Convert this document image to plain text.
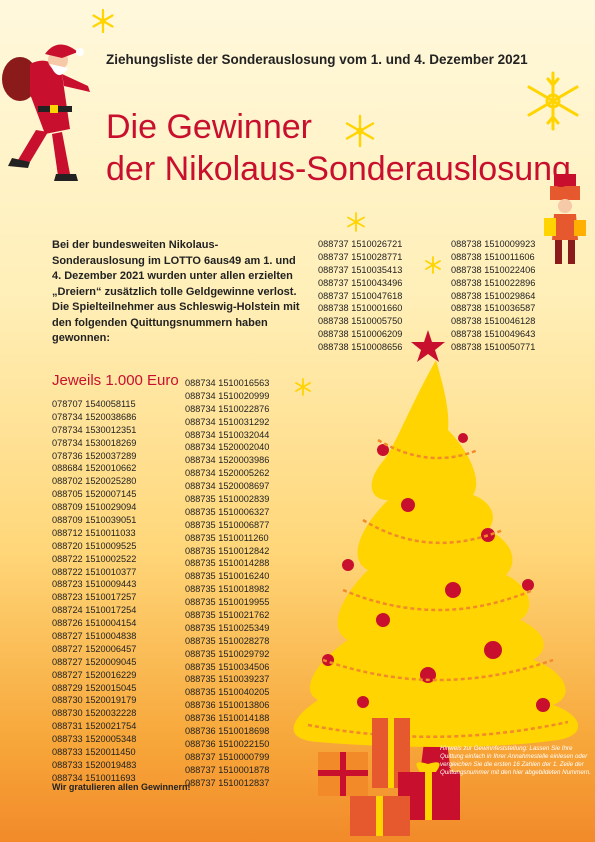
Ziehungsliste der Sonderauslosung vom 1. und 4. Dezember 2021
Die Gewinner
der Nikolaus-Sonderauslosung
Bei der bundesweiten Nikolaus-Sonderauslosung im LOTTO 6aus49 am 1. und 4. Dezember 2021 wurden unter allen erzielten „Dreiern“ zusätzlich tolle Geldgewinne verlost. Die Spielteilnehmer aus Schleswig-Holstein mit den folgenden Quittungsnummern haben gewonnen:
Jeweils 1.000 Euro
078707 1540058115
078734 1520038686
078734 1530012351
078734 1530018269
078736 1520037289
088684 1520010662
088702 1520025280
088705 1520007145
088709 1510029094
088709 1510039051
088712 1510011033
088720 1510009525
088722 1510002522
088722 1510010377
088723 1510009443
088723 1510017257
088724 1510017254
088726 1510004154
088727 1510004838
088727 1520006457
088727 1520009045
088727 1520016229
088729 1520015045
088730 1520019179
088730 1520032228
088731 1520021754
088733 1520005348
088733 1520011450
088733 1520019483
088734 1510011693
088734 1510016563
088734 1510020999
088734 1510022876
088734 1510031292
088734 1510032044
088734 1520002040
088734 1520003986
088734 1520005262
088734 1520008697
088735 1510002839
088735 1510006327
088735 1510006877
088735 1510011260
088735 1510012842
088735 1510014288
088735 1510016240
088735 1510018982
088735 1510019955
088735 1510021762
088735 1510025349
088735 1510028278
088735 1510029792
088735 1510034506
088735 1510039237
088735 1510040205
088736 1510013806
088736 1510014188
088736 1510018698
088736 1510022150
088737 1510000799
088737 1510001878
088737 1510012837
088737 1510026721
088737 1510028771
088737 1510035413
088737 1510043496
088737 1510047618
088738 1510001660
088738 1510005750
088738 1510006209
088738 1510008656
088738 1510009923
088738 1510011606
088738 1510022406
088738 1510022896
088738 1510029864
088738 1510036587
088738 1510046128
088738 1510049643
088738 1510050771
Wir gratulieren allen Gewinnern!
Hinweis zur Gewinnfeststellung: Lassen Sie Ihre Quittung einfach in Ihrer Annahmestelle einlesen oder vergleichen Sie die ersten 16 Zahlen der 1. Zeile der Quittungsnummer mit den hier abgebildeten Nummern.
